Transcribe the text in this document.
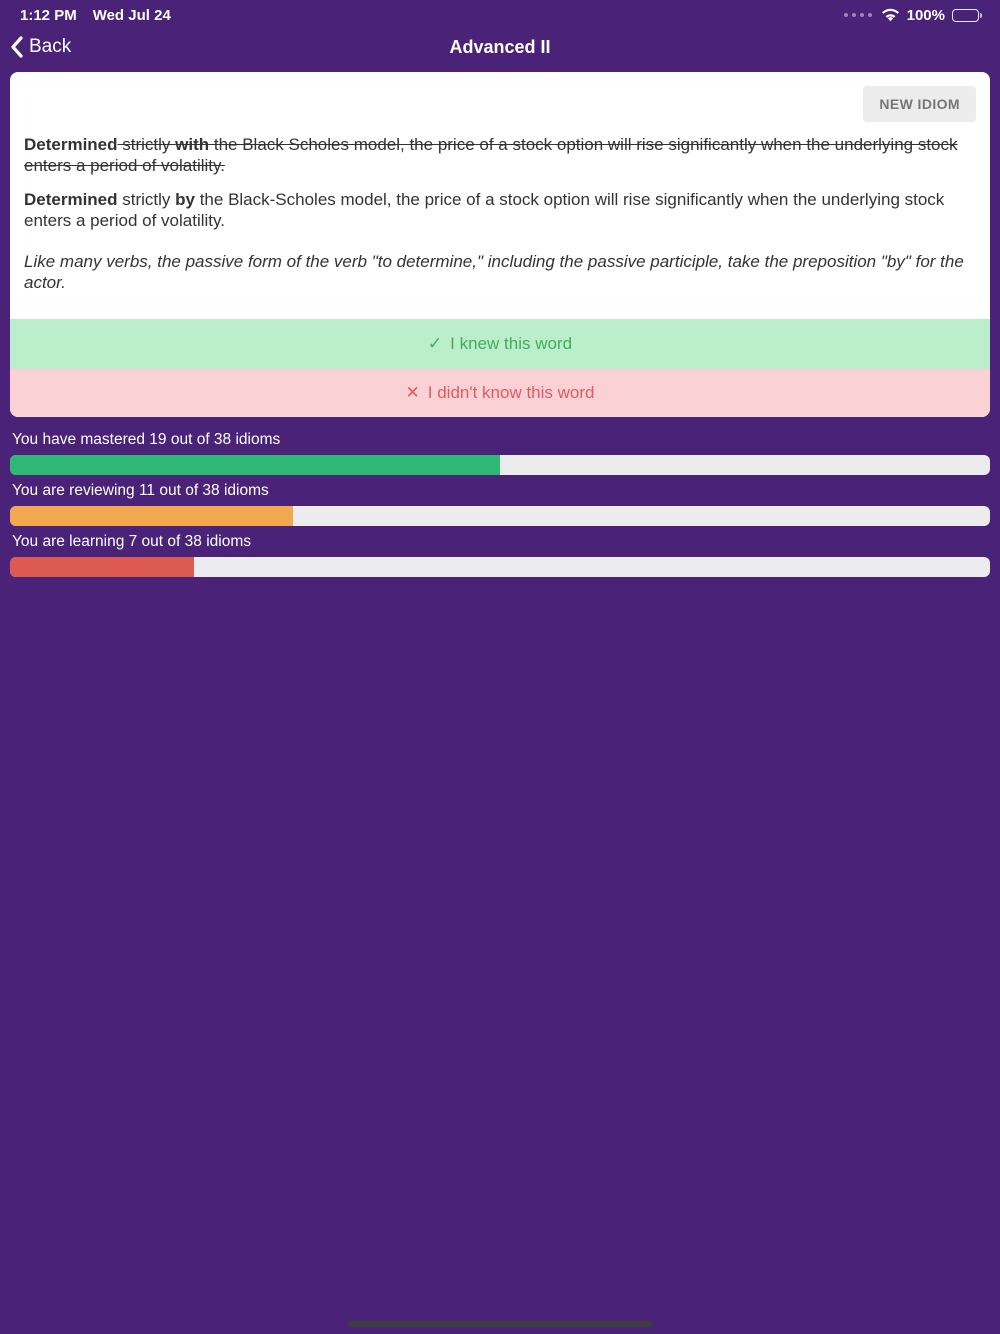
1:12 PM Wed Jul 24	100%
Back	Advanced II
NEW IDIOM

Determined strictly with the Black Scholes model, the price of a stock option will rise significantly when the underlying stock enters a period of volatility.

Determined strictly by the Black-Scholes model, the price of a stock option will rise significantly when the underlying stock enters a period of volatility.

Like many verbs, the passive form of the verb "to determine," including the passive participle, take the preposition "by" for the actor.

✓ I knew this word
✕ I didn't know this word
You have mastered 19 out of 38 idioms
You are reviewing 11 out of 38 idioms
You are learning 7 out of 38 idioms
